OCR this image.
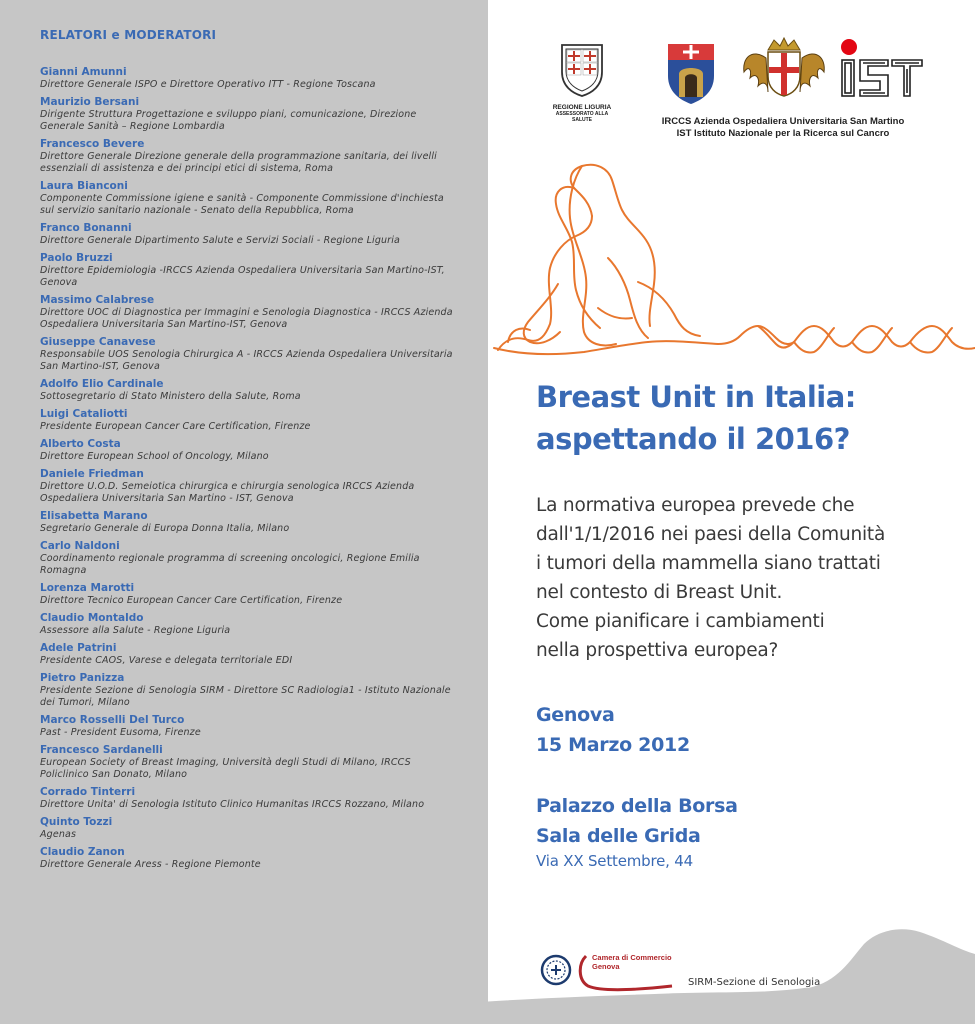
RELATORI e MODERATORI
Gianni Amunni
Direttore Generale ISPO e Direttore Operativo ITT - Regione Toscana
Maurizio Bersani
Dirigente Struttura Progettazione e sviluppo piani, comunicazione, Direzione Generale Sanità – Regione Lombardia
Francesco Bevere
Direttore Generale Direzione generale della programmazione sanitaria, dei livelli essenziali di assistenza e dei principi etici di sistema, Roma
Laura Bianconi
Componente Commissione igiene e sanità - Componente Commissione d'inchiesta sul servizio sanitario nazionale - Senato della Repubblica, Roma
Franco Bonanni
Direttore Generale Dipartimento Salute e Servizi Sociali - Regione Liguria
Paolo Bruzzi
Direttore Epidemiologia -IRCCS Azienda Ospedaliera Universitaria San Martino-IST, Genova
Massimo Calabrese
Direttore UOC di Diagnostica per Immagini e Senologia Diagnostica - IRCCS Azienda Ospedaliera Universitaria San Martino-IST, Genova
Giuseppe Canavese
Responsabile UOS Senologia Chirurgica A - IRCCS Azienda Ospedaliera Universitaria San Martino-IST, Genova
Adolfo Elio Cardinale
Sottosegretario di Stato Ministero della Salute, Roma
Luigi Cataliotti
Presidente European Cancer Care Certification, Firenze
Alberto Costa
Direttore European School of Oncology, Milano
Daniele Friedman
Direttore U.O.D. Semeiotica chirurgica e chirurgia senologica IRCCS Azienda Ospedaliera Universitaria San Martino - IST, Genova
Elisabetta Marano
Segretario Generale di Europa Donna Italia, Milano
Carlo Naldoni
Coordinamento regionale programma di screening oncologici, Regione Emilia Romagna
Lorenza Marotti
Direttore Tecnico European Cancer Care Certification, Firenze
Claudio Montaldo
Assessore alla Salute - Regione Liguria
Adele Patrini
Presidente CAOS, Varese e delegata territoriale EDI
Pietro Panizza
Presidente Sezione di Senologia SIRM - Direttore SC Radiologia1 - Istituto Nazionale dei Tumori, Milano
Marco Rosselli Del Turco
Past - President Eusoma, Firenze
Francesco Sardanelli
European Society of Breast Imaging, Università degli Studi di Milano, IRCCS Policlinico San Donato, Milano
Corrado Tinterri
Direttore Unita' di Senologia Istituto Clinico Humanitas IRCCS Rozzano, Milano
Quinto Tozzi
Agenas
Claudio Zanon
Direttore Generale Aress - Regione Piemonte
REGIONE LIGURIA
ASSESSORATO ALLA SALUTE
IST
IRCCS Azienda Ospedaliera Universitaria San Martino
IST Istituto Nazionale per la Ricerca sul Cancro
Breast Unit in Italia:
aspettando il 2016?
La normativa europea prevede che
dall'1/1/2016 nei paesi della Comunità
i tumori della mammella siano trattati
nel contesto di Breast Unit.
Come pianificare i cambiamenti
nella prospettiva europea?
Genova
15 Marzo 2012
Palazzo della Borsa
Sala delle Grida
Via XX Settembre, 44
Camera di Commercio
Genova
SIRM-Sezione di Senologia
